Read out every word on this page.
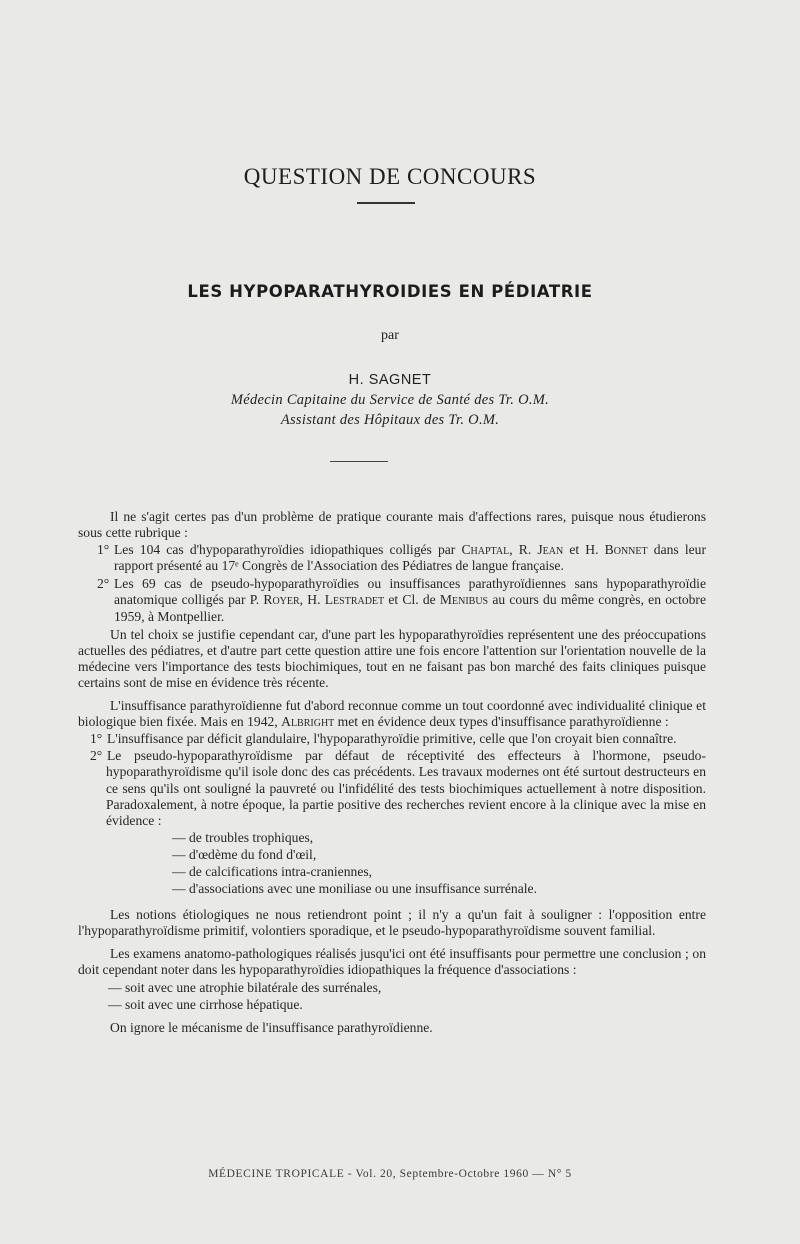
QUESTION DE CONCOURS
LES HYPOPARATHYROIDIES EN PÉDIATRIE
par
H. SAGNET
Médecin Capitaine du Service de Santé des Tr. O.M.
Assistant des Hôpitaux des Tr. O.M.

Il ne s'agit certes pas d'un problème de pratique courante mais d'affections rares, puisque nous étudierons sous cette rubrique :

1° Les 104 cas d'hypoparathyroïdies idiopathiques colligés par Chaptal, R. Jean et H. Bonnet dans leur rapport présenté au 17ᵉ Congrès de l'Association des Pédiatres de langue française.
2° Les 69 cas de pseudo-hypoparathyroïdies ou insuffisances parathyroïdiennes sans hypoparathyroïdie anatomique colligés par P. Royer, H. Lestradet et Cl. de Menibus au cours du même congrès, en octobre 1959, à Montpellier.

Un tel choix se justifie cependant car, d'une part les hypoparathyroïdies représentent une des préoccupations actuelles des pédiatres, et d'autre part cette question attire une fois encore l'attention sur l'orientation nouvelle de la médecine vers l'importance des tests biochimiques, tout en ne faisant pas bon marché des faits cliniques puisque certains sont de mise en évidence très récente.

L'insuffisance parathyroïdienne fut d'abord reconnue comme un tout coordonné avec individualité clinique et biologique bien fixée. Mais en 1942, Albright met en évidence deux types d'insuffisance parathyroïdienne :

1° L'insuffisance par déficit glandulaire, l'hypoparathyroïdie primitive, celle que l'on croyait bien connaître.
2° Le pseudo-hypoparathyroïdisme par défaut de réceptivité des effecteurs à l'hormone, pseudo-hypoparathyroïdisme qu'il isole donc des cas précédents. Les travaux modernes ont été surtout destructeurs en ce sens qu'ils ont souligné la pauvreté ou l'infidélité des tests biochimiques actuellement à notre disposition. Paradoxalement, à notre époque, la partie positive des recherches revient encore à la clinique avec la mise en évidence :
— de troubles trophiques,
— d'œdème du fond d'œil,
— de calcifications intra-craniennes,
— d'associations avec une moniliase ou une insuffisance surrénale.

Les notions étiologiques ne nous retiendront point ; il n'y a qu'un fait à souligner : l'opposition entre l'hypoparathyroïdisme primitif, volontiers sporadique, et le pseudo-hypoparathyroïdisme souvent familial.

Les examens anatomo-pathologiques réalisés jusqu'ici ont été insuffisants pour permettre une conclusion ; on doit cependant noter dans les hypoparathyroïdies idiopathiques la fréquence d'associations :

— soit avec une atrophie bilatérale des surrénales,
— soit avec une cirrhose hépatique.

On ignore le mécanisme de l'insuffisance parathyroïdienne.

MÉDECINE TROPICALE - Vol. 20, Septembre-Octobre 1960 — N° 5
